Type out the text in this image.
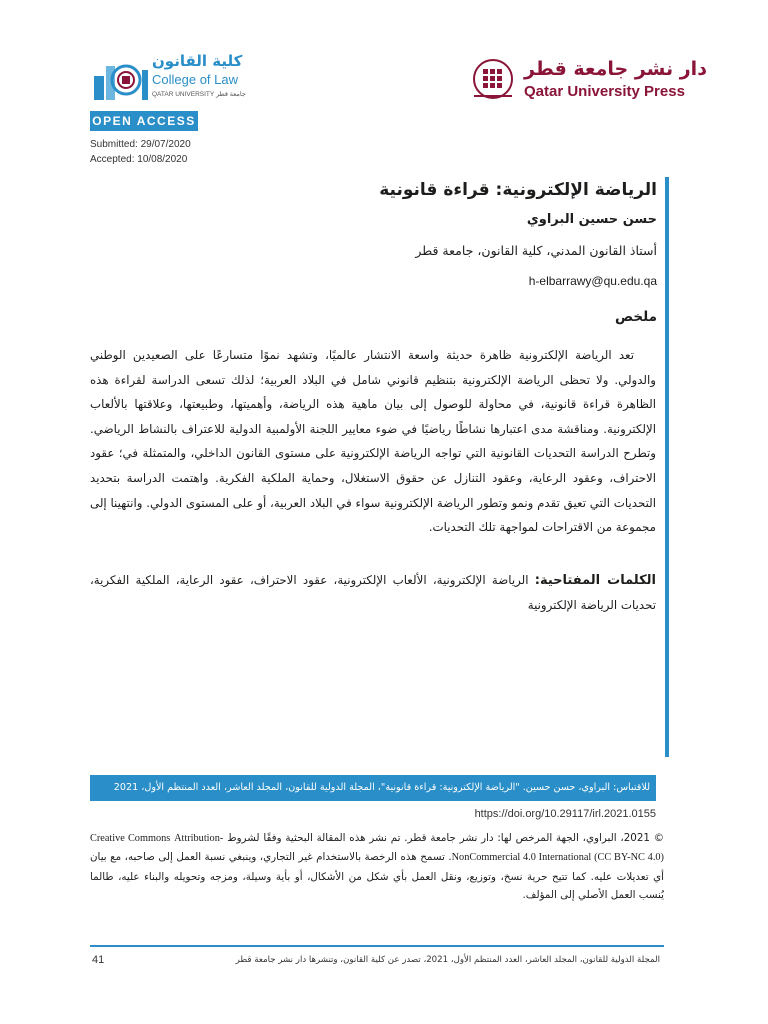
كلية القانون
College of Law
QATAR UNIVERSITY جامعة قطر
دار نشر جامعة قطر
Qatar University Press
OPEN ACCESS
Submitted: 29/07/2020
Accepted: 10/08/2020
الرياضة الإلكترونية: قراءة قانونية
حسن حسين البراوي
أستاذ القانون المدني، كلية القانون، جامعة قطر
h-elbarrawy@qu.edu.qa
ملخص

تعد الرياضة الإلكترونية ظاهرة حديثة واسعة الانتشار عالميًا، وتشهد نموًا متسارعًا على الصعيدين الوطني والدولي. ولا تحظى الرياضة الإلكترونية بتنظيم قانوني شامل في البلاد العربية؛ لذلك تسعى الدراسة لقراءة هذه الظاهرة قراءة قانونية، في محاولة للوصول إلى بيان ماهية هذه الرياضة، وأهميتها، وطبيعتها، وعلاقتها بالألعاب الإلكترونية. ومناقشة مدى اعتبارها نشاطًا رياضيًا في ضوء معايير اللجنة الأولمبية الدولية للاعتراف بالنشاط الرياضي. وتطرح الدراسة التحديات القانونية التي تواجه الرياضة الإلكترونية على مستوى القانون الداخلي، والمتمثلة في؛ عقود الاحتراف، وعقود الرعاية، وعقود التنازل عن حقوق الاستغلال، وحماية الملكية الفكرية. واهتمت الدراسة بتحديد التحديات التي تعيق تقدم ونمو وتطور الرياضة الإلكترونية سواء في البلاد العربية، أو على المستوى الدولي. وانتهينا إلى مجموعة من الاقتراحات لمواجهة تلك التحديات.

الكلمات المفتاحية: الرياضة الإلكترونية، الألعاب الإلكترونية، عقود الاحتراف، عقود الرعاية، الملكية الفكرية، تحديات الرياضة الإلكترونية
للاقتباس: البراوي، حسن حسين. "الرياضة الإلكترونية: قراءة قانونية"، المجلة الدولية للقانون، المجلد العاشر، العدد المنتظم الأول، 2021
https://doi.org/10.29117/irl.2021.0155
© 2021، البراوي، الجهة المرخص لها: دار نشر جامعة قطر. تم نشر هذه المقالة البحثية وفقًا لشروط Creative Commons Attribution-NonCommercial 4.0 International (CC BY-NC 4.0). تسمح هذه الرخصة بالاستخدام غير التجاري، وينبغي نسبة العمل إلى صاحبه، مع بيان أي تعديلات عليه. كما تتيح حرية نسخ، وتوزيع، ونقل العمل بأي شكل من الأشكال، أو بأية وسيلة، ومزجه وتحويله والبناء عليه، طالما يُنسب العمل الأصلي إلى المؤلف.
41	المجلة الدولية للقانون، المجلد العاشر، العدد المنتظم الأول، 2021، تصدر عن كلية القانون، وتنشرها دار نشر جامعة قطر
